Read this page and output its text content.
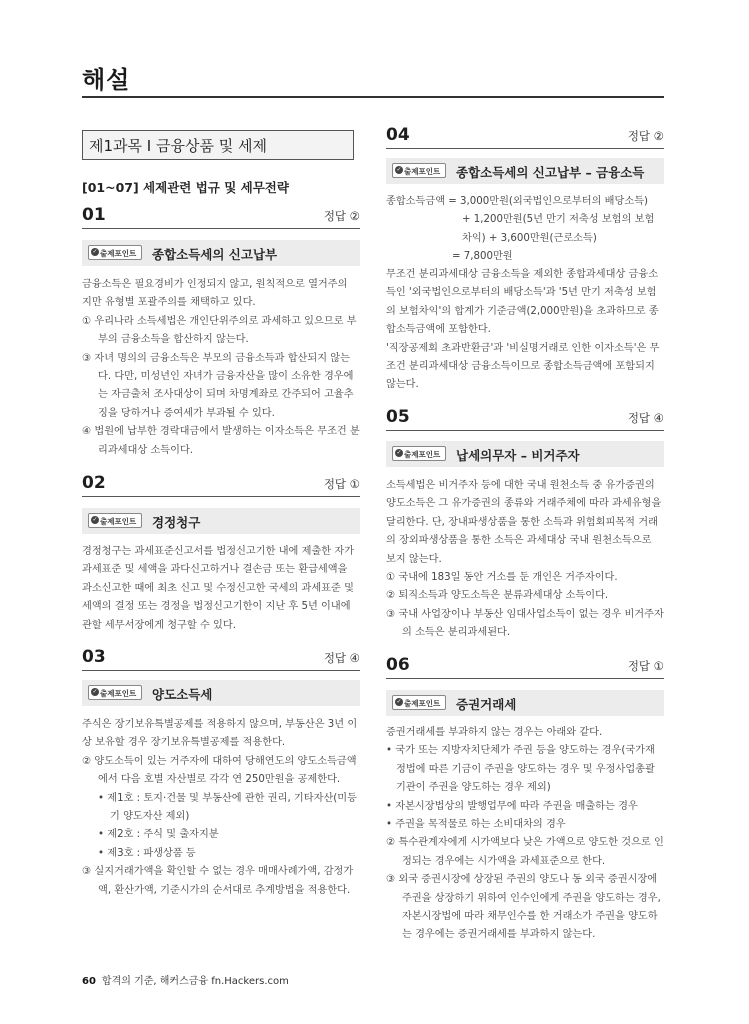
해설
제1과목 Ι 금융상품 및 세제
[01~07] 세제관련 법규 및 세무전략
01	정답 ②
✓ 출제포인트	종합소득세의 신고납부

금융소득은 필요경비가 인정되지 않고, 원칙적으로 열거주의 지만 유형별 포괄주의를 채택하고 있다.

① 우리나라 소득세법은 개인단위주의로 과세하고 있으므로 부부의 금융소득을 합산하지 않는다.

③ 자녀 명의의 금융소득은 부모의 금융소득과 합산되지 않는다. 다만, 미성년인 자녀가 금융자산을 많이 소유한 경우에는 자금출처 조사대상이 되며 차명계좌로 간주되어 고율추징을 당하거나 증여세가 부과될 수 있다.

④ 법원에 납부한 경락대금에서 발생하는 이자소득은 무조건 분리과세대상 소득이다.

02	정답 ①
✓ 출제포인트	경정청구

경정청구는 과세표준신고서를 법정신고기한 내에 제출한 자가 과세표준 및 세액을 과다신고하거나 결손금 또는 환급세액을 과소신고한 때에 최초 신고 및 수정신고한 국세의 과세표준 및 세액의 결정 또는 경정을 법정신고기한이 지난 후 5년 이내에 관할 세무서장에게 청구할 수 있다.

03	정답 ④
✓ 출제포인트	양도소득세

주식은 장기보유특별공제를 적용하지 않으며, 부동산은 3년 이상 보유할 경우 장기보유특별공제를 적용한다.

② 양도소득이 있는 거주자에 대하여 당해연도의 양도소득금액에서 다음 호별 자산별로 각각 연 250만원을 공제한다.

• 제1호 : 토지·건물 및 부동산에 관한 권리, 기타자산(미등기 양도자산 제외)

• 제2호 : 주식 및 출자지분

• 제3호 : 파생상품 등

③ 실지거래가액을 확인할 수 없는 경우 매매사례가액, 감정가액, 환산가액, 기준시가의 순서대로 추계방법을 적용한다.

04	정답 ②
✓ 출제포인트	종합소득세의 신고납부 – 금융소득

종합소득금액 = 3,000만원(외국법인으로부터의 배당소득)

+ 1,200만원(5년 만기 저축성 보험의 보험차익) + 3,600만원(근로소득)

= 7,800만원

무조건 분리과세대상 금융소득을 제외한 종합과세대상 금융소득인 '외국법인으로부터의 배당소득'과 '5년 만기 저축성 보험의 보험차익'의 합계가 기준금액(2,000만원)을 초과하므로 종합소득금액에 포함한다.

'직장공제회 초과반환금'과 '비실명거래로 인한 이자소득'은 무조건 분리과세대상 금융소득이므로 종합소득금액에 포함되지 않는다.

05	정답 ④
✓ 출제포인트	납세의무자 – 비거주자

소득세법은 비거주자 등에 대한 국내 원천소득 중 유가증권의 양도소득은 그 유가증권의 종류와 거래주체에 따라 과세유형을 달리한다. 단, 장내파생상품을 통한 소득과 위험회피목적 거래의 장외파생상품을 통한 소득은 과세대상 국내 원천소득으로 보지 않는다.

① 국내에 183일 동안 거소를 둔 개인은 거주자이다.

② 퇴직소득과 양도소득은 분류과세대상 소득이다.

③ 국내 사업장이나 부동산 임대사업소득이 없는 경우 비거주자의 소득은 분리과세된다.

06	정답 ①
✓ 출제포인트	증권거래세

증권거래세를 부과하지 않는 경우는 아래와 같다.

• 국가 또는 지방자치단체가 주권 등을 양도하는 경우(국가재정법에 따른 기금이 주권을 양도하는 경우 및 우정사업총괄기관이 주권을 양도하는 경우 제외)

• 자본시장법상의 발행업무에 따라 주권을 매출하는 경우

• 주권을 목적물로 하는 소비대차의 경우

② 특수관계자에게 시가액보다 낮은 가액으로 양도한 것으로 인정되는 경우에는 시가액을 과세표준으로 한다.

③ 외국 증권시장에 상장된 주권의 양도나 동 외국 증권시장에 주권을 상장하기 위하여 인수인에게 주권을 양도하는 경우, 자본시장법에 따라 채무인수를 한 거래소가 주권을 양도하는 경우에는 증권거래세를 부과하지 않는다.

60 합격의 기준, 해커스금융 fn.Hackers.com
